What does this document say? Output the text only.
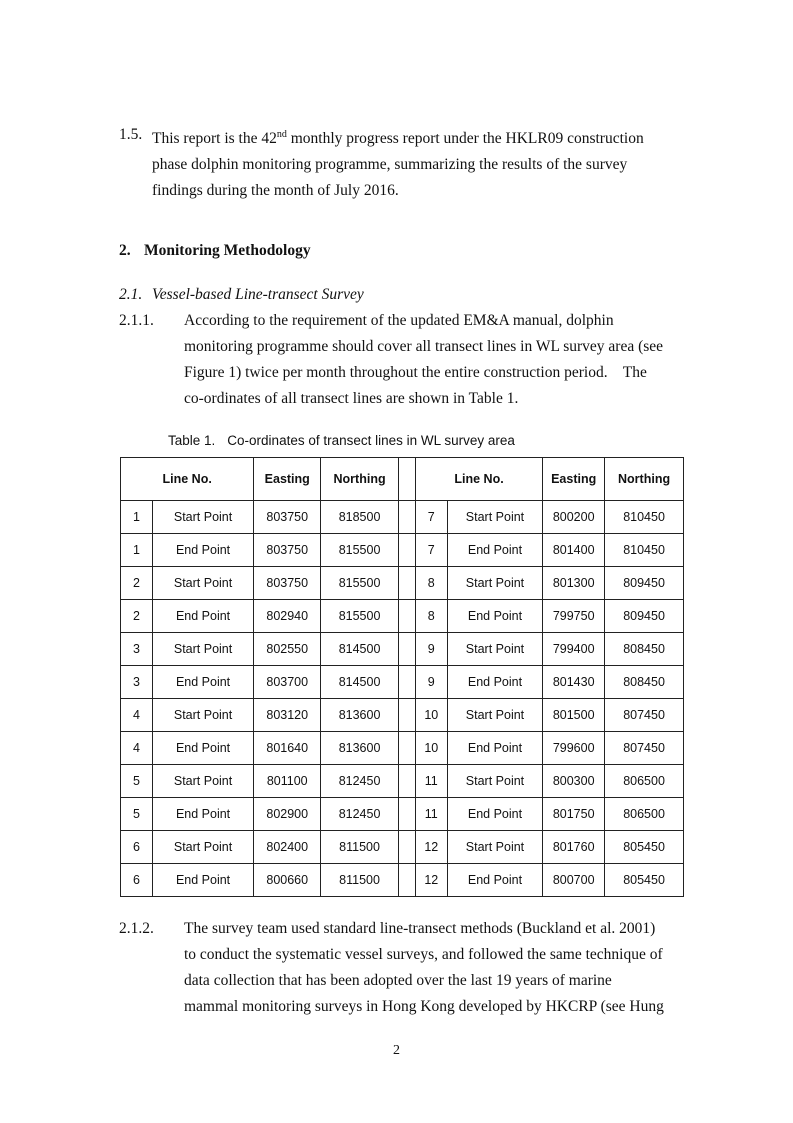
1.5. This report is the 42nd monthly progress report under the HKLR09 construction
phase dolphin monitoring programme, summarizing the results of the survey
findings during the month of July 2016.
2. Monitoring Methodology
2.1. Vessel-based Line-transect Survey
2.1.1. According to the requirement of the updated EM&A manual, dolphin
monitoring programme should cover all transect lines in WL survey area (see
Figure 1) twice per month throughout the entire construction period.    The
co-ordinates of all transect lines are shown in Table 1.
Table 1. Co-ordinates of transect lines in WL survey area
Line No.		Easting	Northing		Line No.		Easting	Northing
1	Start Point	803750	818500		7	Start Point	800200	810450
1	End Point	803750	815500		7	End Point	801400	810450
2	Start Point	803750	815500		8	Start Point	801300	809450
2	End Point	802940	815500		8	End Point	799750	809450
3	Start Point	802550	814500		9	Start Point	799400	808450
3	End Point	803700	814500		9	End Point	801430	808450
4	Start Point	803120	813600		10	Start Point	801500	807450
4	End Point	801640	813600		10	End Point	799600	807450
5	Start Point	801100	812450		11	Start Point	800300	806500
5	End Point	802900	812450		11	End Point	801750	806500
6	Start Point	802400	811500		12	Start Point	801760	805450
6	End Point	800660	811500		12	End Point	800700	805450
2.1.2. The survey team used standard line-transect methods (Buckland et al. 2001)
to conduct the systematic vessel surveys, and followed the same technique of
data collection that has been adopted over the last 19 years of marine
mammal monitoring surveys in Hong Kong developed by HKCRP (see Hung
2
